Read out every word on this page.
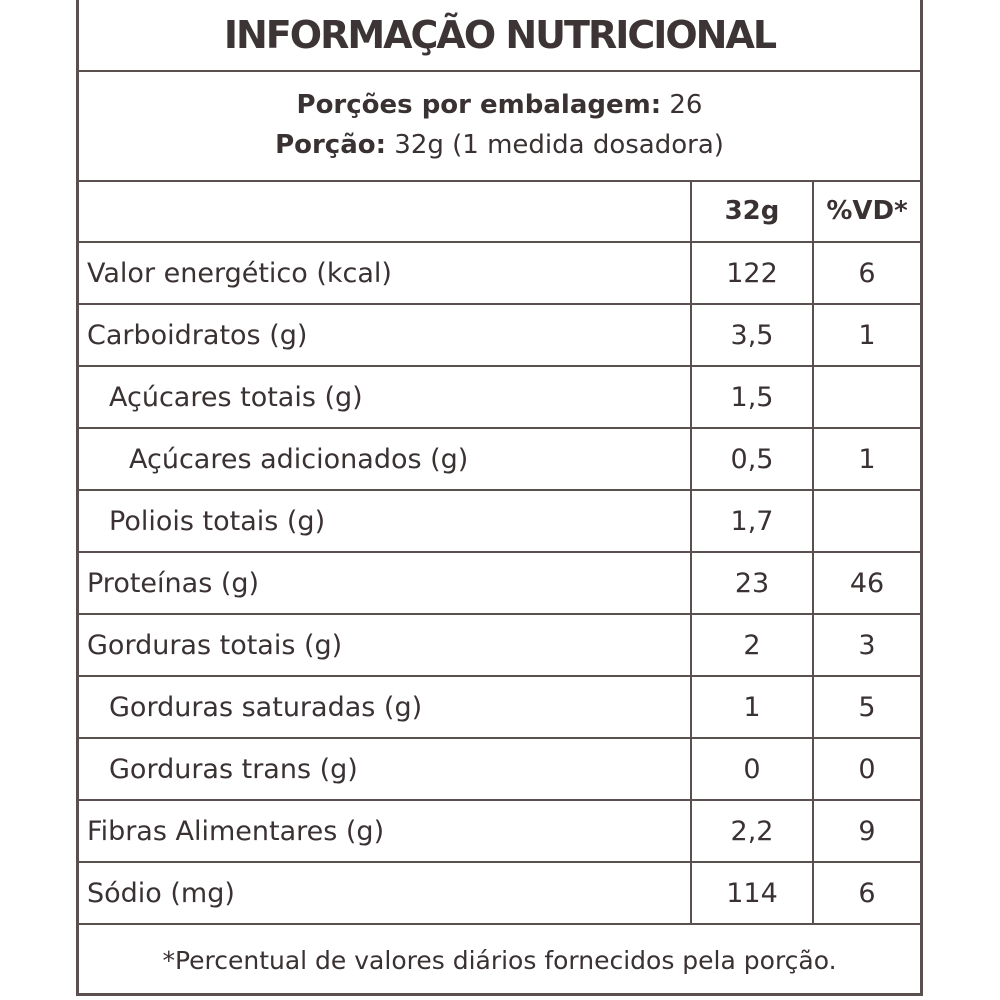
INFORMAÇÃO NUTRICIONAL
Porções por embalagem: 26
Porção: 32g (1 medida dosadora)
	32g	%VD*
Valor energético (kcal)	122	6
Carboidratos (g)	3,5	1
Açúcares totais (g)	1,5	
Açúcares adicionados (g)	0,5	1
Poliois totais (g)	1,7	
Proteínas (g)	23	46
Gorduras totais (g)	2	3
Gorduras saturadas (g)	1	5
Gorduras trans (g)	0	0
Fibras Alimentares (g)	2,2	9
Sódio (mg)	114	6
*Percentual de valores diários fornecidos pela porção.
